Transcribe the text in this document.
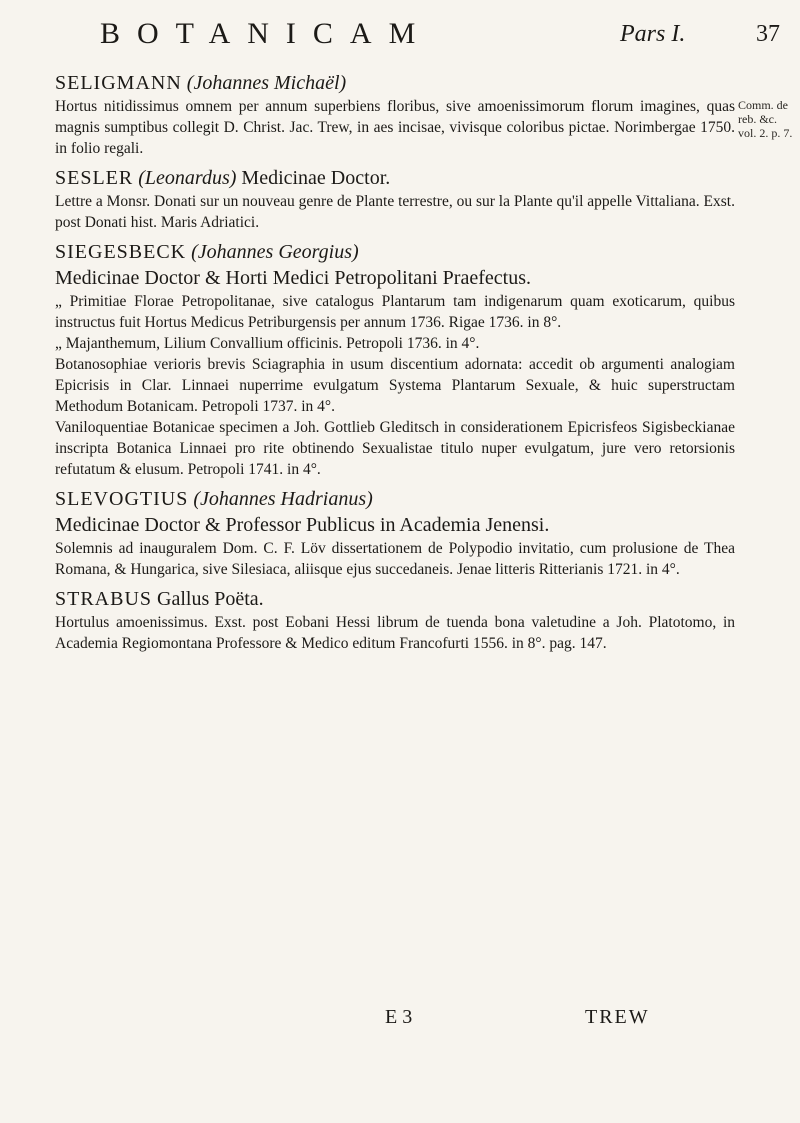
BOTANICAM	Pars I.	37
Comm. de reb. &c. vol. 2. p. 7.
SELIGMANN (Johannes Michaël)

Hortus nitidissimus omnem per annum superbiens floribus, sive amoenissimorum florum imagines, quas magnis sumptibus collegit D. Christ. Jac. Trew, in aes incisae, vivisque coloribus pictae. Norimbergae 1750. in folio regali.

SESLER (Leonardus) Medicinae Doctor.

Lettre a Monsr. Donati sur un nouveau genre de Plante terrestre, ou sur la Plante qu'il appelle Vittaliana. Exst. post Donati hist. Maris Adriatici.

SIEGESBECK (Johannes Georgius)
Medicinae Doctor & Horti Medici Petropolitani Praefectus.

„ Primitiae Florae Petropolitanae, sive catalogus Plantarum tam indigenarum quam exoticarum, quibus instructus fuit Hortus Medicus Petriburgensis per annum 1736. Rigae 1736. in 8°.

„ Majanthemum, Lilium Convallium officinis. Petropoli 1736. in 4°.

Botanosophiae verioris brevis Sciagraphia in usum discentium adornata: accedit ob argumenti analogiam Epicrisis in Clar. Linnaei nuperrime evulgatum Systema Plantarum Sexuale, & huic superstructam Methodum Botanicam. Petropoli 1737. in 4°.

Vaniloquentiae Botanicae specimen a Joh. Gottlieb Gleditsch in considerationem Epicrisfeos Sigisbeckianae inscripta Botanica Linnaei pro rite obtinendo Sexualistae titulo nuper evulgatum, jure vero retorsionis refutatum & elusum. Petropoli 1741. in 4°.

SLEVOGTIUS (Johannes Hadrianus)
Medicinae Doctor & Professor Publicus in Academia Jenensi.

Solemnis ad inauguralem Dom. C. F. Löv dissertationem de Polypodio invitatio, cum prolusione de Thea Romana, & Hungarica, sive Silesiaca, aliisque ejus succedaneis. Jenae litteris Ritterianis 1721. in 4°.

STRABUS Gallus Poëta.

Hortulus amoenissimus. Exst. post Eobani Hessi librum de tuenda bona valetudine a Joh. Platotomo, in Academia Regiomontana Professore & Medico editum Francofurti 1556. in 8°. pag. 147.

E 3	TREW
